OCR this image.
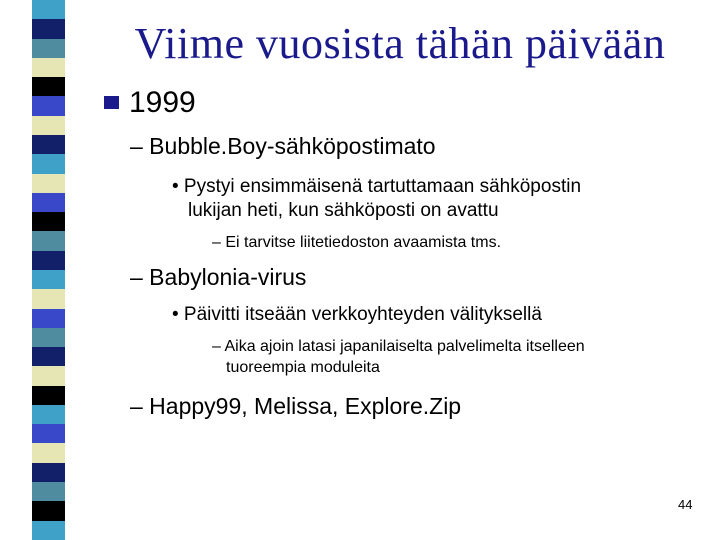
Viime vuosista tähän päivään
1999
– Bubble.Boy-sähköpostimato
• Pystyi ensimmäisenä tartuttamaan sähköpostin
lukijan heti, kun sähköposti on avattu
– Ei tarvitse liitetiedoston avaamista tms.
– Babylonia-virus
• Päivitti itseään verkkoyhteyden välityksellä
– Aika ajoin latasi japanilaiselta palvelimelta itselleen
tuoreempia moduleita
– Happy99, Melissa, Explore.Zip
44
